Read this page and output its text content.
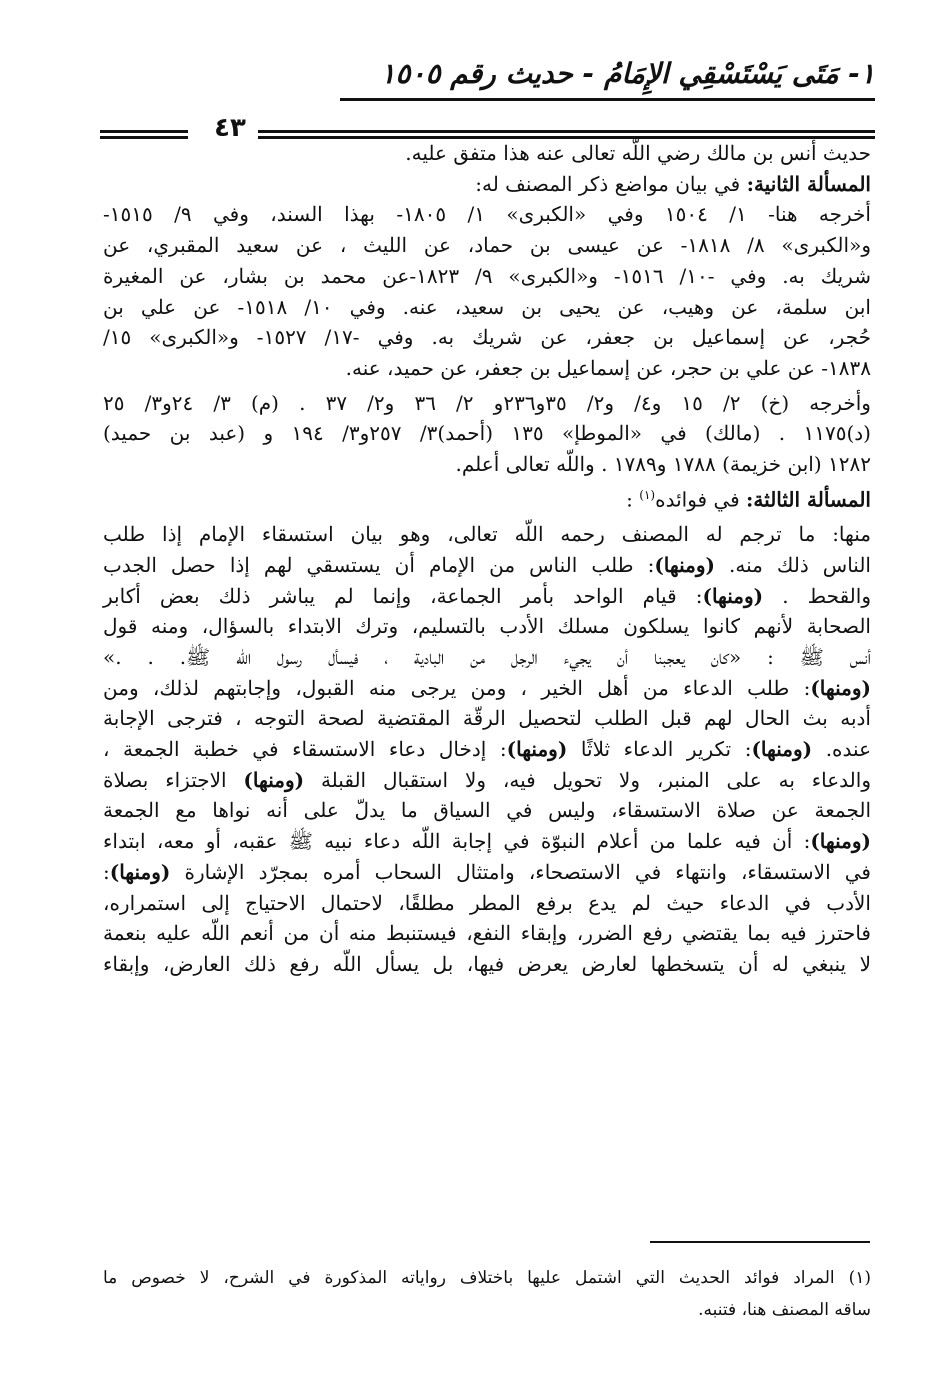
١- مَتَى يَسْتَسْقِي الإِمَامُ - حديث رقم ١٥٠٥
٤٣

حديث أنس بن مالك رضي اللّه تعالى عنه هذا متفق عليه.

المسألة الثانية: في بيان مواضع ذكر المصنف له:

أخرجه هنا- ١/ ١٥٠٤ وفي «الكبرى» ١/ ١٨٠٥- بهذا السند، وفي ٩/ ١٥١٥-

و«الكبرى» ٨/ ١٨١٨- عن عيسى بن حماد، عن الليث ، عن سعيد المقبري، عن

شريك به. وفي -١٠/ ١٥١٦- و«الكبرى» ٩/ ١٨٢٣-عن محمد بن بشار، عن المغيرة

ابن سلمة، عن وهيب، عن يحيى بن سعيد، عنه. وفي ١٠/ ١٥١٨- عن علي بن

حُجر، عن إسماعيل بن جعفر، عن شريك به. وفي -١٧/ ١٥٢٧- و«الكبرى» ١٥/

١٨٣٨- عن علي بن حجر، عن إسماعيل بن جعفر، عن حميد، عنه.

وأخرجه (خ) ٢/ ١٥ و٤/ و٢/ ٣٥و٢٣٦و ٢/ ٣٦ و٢/ ٣٧ . (م) ٣/ ٢٤و٣/ ٢٥

(د)١١٧٥ . (مالك) في «الموطإ» ١٣٥ (أحمد)٣/ ٢٥٧و٣/ ١٩٤ و (عبد بن حميد)

١٢٨٢ (ابن خزيمة) ١٧٨٨ و١٧٨٩ . واللّه تعالى أعلم.

المسألة الثالثة: في فوائده$^{(١)}$ :

منها: ما ترجم له المصنف رحمه اللّه تعالى، وهو بيان استسقاء الإمام إذا طلب

الناس ذلك منه. (ومنها): طلب الناس من الإمام أن يستسقي لهم إذا حصل الجدب

والقحط . (ومنها): قيام الواحد بأمر الجماعة، وإنما لم يباشر ذلك بعض أكابر

الصحابة لأنهم كانوا يسلكون مسلك الأدب بالتسليم، وترك الابتداء بالسؤال، ومنه قول

أنس ﷺ : «كان يعجبنا أن يجيء الرجل من البادية ، فيسأل رسول اللّه ﷺ. . .»

(ومنها): طلب الدعاء من أهل الخير ، ومن يرجى منه القبول، وإجابتهم لذلك، ومن

أدبه بث الحال لهم قبل الطلب لتحصيل الرقّة المقتضية لصحة التوجه ، فترجى الإجابة

عنده. (ومنها): تكرير الدعاء ثلاثًا (ومنها): إدخال دعاء الاستسقاء في خطبة الجمعة ،

والدعاء به على المنبر، ولا تحويل فيه، ولا استقبال القبلة (ومنها) الاجتزاء بصلاة

الجمعة عن صلاة الاستسقاء، وليس في السياق ما يدلّ على أنه نواها مع الجمعة

(ومنها): أن فيه علما من أعلام النبوّة في إجابة اللّه دعاء نبيه ﷺ عقبه، أو معه، ابتداء

في الاستسقاء، وانتهاء في الاستصحاء، وامتثال السحاب أمره بمجرّد الإشارة (ومنها):

الأدب في الدعاء حيث لم يدع برفع المطر مطلقًا، لاحتمال الاحتياج إلى استمراره،

فاحترز فيه بما يقتضي رفع الضرر، وإبقاء النفع، فيستنبط منه أن من أنعم اللّه عليه بنعمة

لا ينبغي له أن يتسخطها لعارض يعرض فيها، بل يسأل اللّه رفع ذلك العارض، وإبقاء

(١) المراد فوائد الحديث التي اشتمل عليها باختلاف رواياته المذكورة في الشرح، لا خصوص ما
ساقه المصنف هنا، فتنبه.
